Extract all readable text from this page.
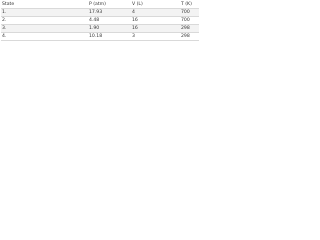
State	P (atm)	V (L)	T (K)
1.	17.93	4	700
2.	4.48	16	700
3.	1.90	16	298
4.	10.18	3	298
